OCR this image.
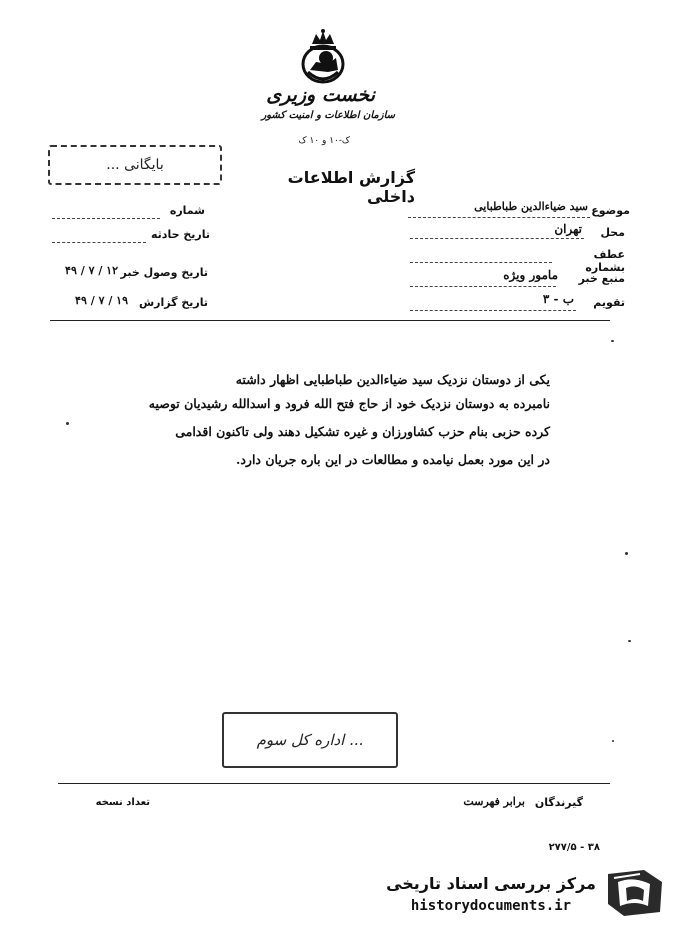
نخست وزیری
سازمان اطلاعات و امنیت کشور
ک-۱۰ و ۱۰ ک
گزارش اطلاعات داخلی
... بایگانی
موضوع
سید ضیاءالدین طباطبایی
محل
تهران
عطف بشماره
منبع خبر
مامور ویژه
تقویم
ب - ۳
شماره
تاریخ حادثه
تاریخ وصول خبر
۱۲ / ۷ / ۴۹
تاریخ گزارش
۱۹ / ۷ / ۴۹
یکی از دوستان نزدیک سید ضیاءالدین طباطبایی اظهار داشته
نامبرده به دوستان نزدیک خود از حاج فتح الله فرود و اسدالله رشیدیان توصیه
کرده حزبی بنام حزب کشاورزان و غیره تشکیل دهند ولی تاکنون اقدامی
در این مورد بعمل نیامده و مطالعات در این باره جریان دارد.
اداره کل سوم ...
گیرندگان
برابر فهرست
تعداد نسخه
۳۸ - ۲۷۷/۵
مرکز بررسی اسناد تاریخی
historydocuments.ir
